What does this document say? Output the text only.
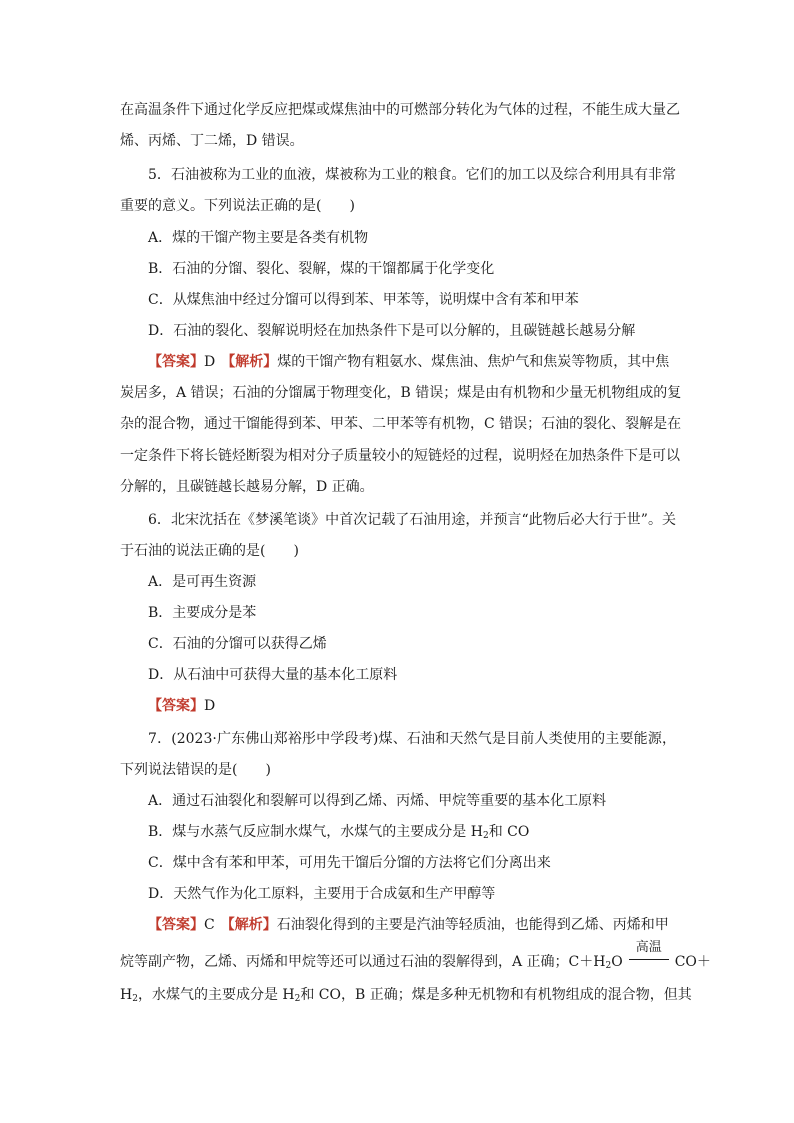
在高温条件下通过化学反应把煤或煤焦油中的可燃部分转化为气体的过程，不能生成大量乙
烯、丙烯、丁二烯，D 错误。
5．石油被称为工业的血液，煤被称为工业的粮食。它们的加工以及综合利用具有非常
重要的意义。下列说法正确的是(　　)
A．煤的干馏产物主要是各类有机物
B．石油的分馏、裂化、裂解，煤的干馏都属于化学变化
C．从煤焦油中经过分馏可以得到苯、甲苯等，说明煤中含有苯和甲苯
D．石油的裂化、裂解说明烃在加热条件下是可以分解的，且碳链越长越易分解
【答案】D 【解析】煤的干馏产物有粗氨水、煤焦油、焦炉气和焦炭等物质，其中焦
炭居多，A 错误；石油的分馏属于物理变化，B 错误；煤是由有机物和少量无机物组成的复
杂的混合物，通过干馏能得到苯、甲苯、二甲苯等有机物，C 错误；石油的裂化、裂解是在
一定条件下将长链烃断裂为相对分子质量较小的短链烃的过程，说明烃在加热条件下是可以
分解的，且碳链越长越易分解，D 正确。
6．北宋沈括在《梦溪笔谈》中首次记载了石油用途，并预言“此物后必大行于世”。关
于石油的说法正确的是(　　)
A．是可再生资源
B．主要成分是苯
C．石油的分馏可以获得乙烯
D．从石油中可获得大量的基本化工原料
【答案】D
7．(2023·广东佛山郑裕彤中学段考)煤、石油和天然气是目前人类使用的主要能源，
下列说法错误的是(　　)
A．通过石油裂化和裂解可以得到乙烯、丙烯、甲烷等重要的基本化工原料
B．煤与水蒸气反应制水煤气，水煤气的主要成分是 $H_2$和 CO
C．煤中含有苯和甲苯，可用先干馏后分馏的方法将它们分离出来
D．天然气作为化工原料，主要用于合成氨和生产甲醇等
【答案】C 【解析】石油裂化得到的主要是汽油等轻质油，也能得到乙烯、丙烯和甲
烷等副产物，乙烯、丙烯和甲烷等还可以通过石油的裂解得到，A 正确；$C+H_2O$
高温
CO＋
$H_2$，水煤气的主要成分是 $H_2$和 CO，B 正确；煤是多种无机物和有机物组成的混合物，但其
